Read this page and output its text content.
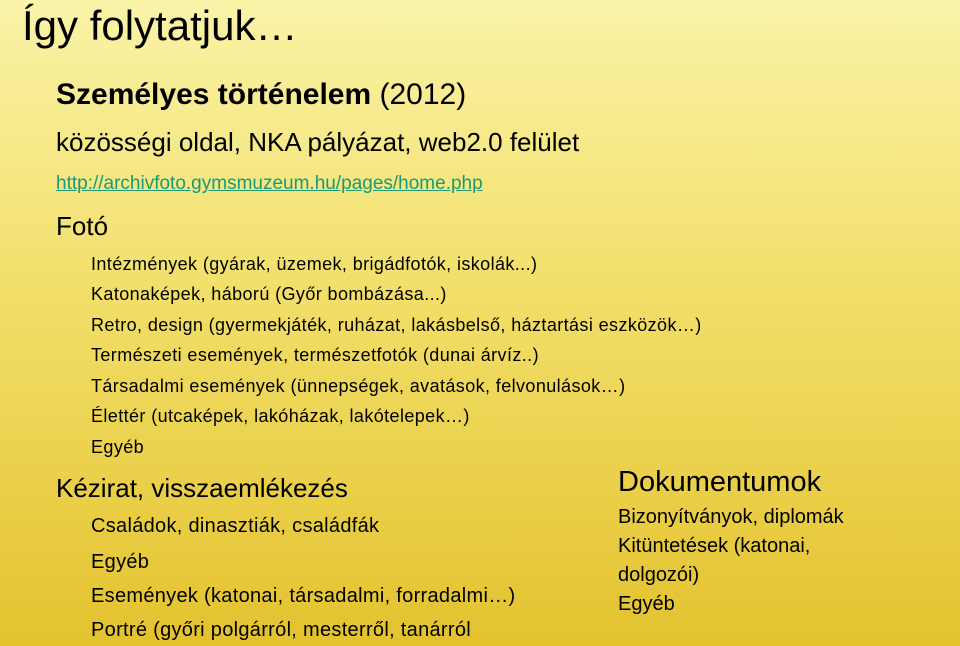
Így folytatjuk…
Személyes történelem (2012)
közösségi oldal, NKA pályázat, web2.0 felület
http://archivfoto.gymsmuzeum.hu/pages/home.php
Fotó
Intézmények (gyárak, üzemek, brigádfotók, iskolák...)
Katonaképek, háború (Győr bombázása...)
Retro, design (gyermekjáték, ruházat, lakásbelső, háztartási eszközök…)
Természeti események, természetfotók (dunai árvíz..)
Társadalmi események (ünnepségek, avatások, felvonulások…)
Élettér (utcaképek, lakóházak, lakótelepek…)
Egyéb
Kézirat, visszaemlékezés
Családok, dinasztiák, családfák
Egyéb
Események (katonai, társadalmi, forradalmi…)
Portré (győri polgárról, mesterről, tanárról
Dokumentumok
Bizonyítványok, diplomák
Kitüntetések (katonai,
dolgozói)
Egyéb
